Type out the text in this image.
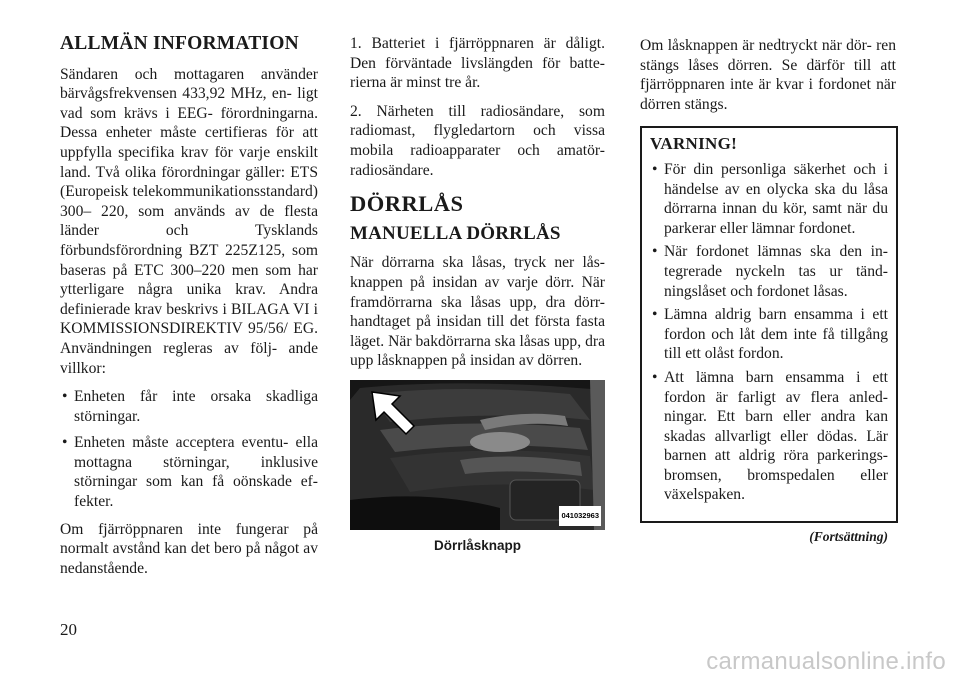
ALLMÄN INFORMATION

Sändaren och mottagaren använder bärvågsfrekvensen 433,92 MHz, en- ligt vad som krävs i EEG- förordningarna. Dessa enheter måste certifieras för att uppfylla specifika krav för varje enskilt land. Två olika förordningar gäller: ETS (Europeisk telekommunikationsstandard) 300– 220, som används av de flesta länder och Tysklands förbundsförordning BZT 225Z125, som baseras på ETC 300–220 men som har ytterligare några unika krav. Andra definierade krav beskrivs i BILAGA VI i KOMMISSIONSDIREKTIV 95/56/ EG. Användningen regleras av följ- ande villkor:

• Enheten får inte orsaka skadliga störningar.
• Enheten måste acceptera eventu- ella mottagna störningar, inklusive störningar som kan få oönskade ef- fekter.

Om fjärröppnaren inte fungerar på normalt avstånd kan det bero på något av nedanstående.

1. Batteriet i fjärröppnaren är dåligt. Den förväntade livslängden för batte- rierna är minst tre år.

2. Närheten till radiosändare, som radiomast, flygledartorn och vissa mobila radioapparater och amatör- radiosändare.

DÖRRLÅS
MANUELLA DÖRRLÅS

När dörrarna ska låsas, tryck ner lås- knappen på insidan av varje dörr. När framdörrarna ska låsas upp, dra dörr- handtaget på insidan till det första fasta läget. När bakdörrarna ska låsas upp, dra upp låsknappen på insidan av dörren.

041032963
Dörrlåsknapp

Om låsknappen är nedtryckt när dör- ren stängs låses dörren. Se därför till att fjärröppnaren inte är kvar i fordonet när dörren stängs.

VARNING!
• För din personliga säkerhet och i händelse av en olycka ska du låsa dörrarna innan du kör, samt när du parkerar eller lämnar fordonet.
• När fordonet lämnas ska den in- tegrerade nyckeln tas ur tänd- ningslåset och fordonet låsas.
• Lämna aldrig barn ensamma i ett fordon och låt dem inte få tillgång till ett olåst fordon.
• Att lämna barn ensamma i ett fordon är farligt av flera anled- ningar. Ett barn eller andra kan skadas allvarligt eller dödas. Lär barnen att aldrig röra parkerings- bromsen, bromspedalen eller växelspaken.
(Fortsättning)
20
carmanualsonline.info
